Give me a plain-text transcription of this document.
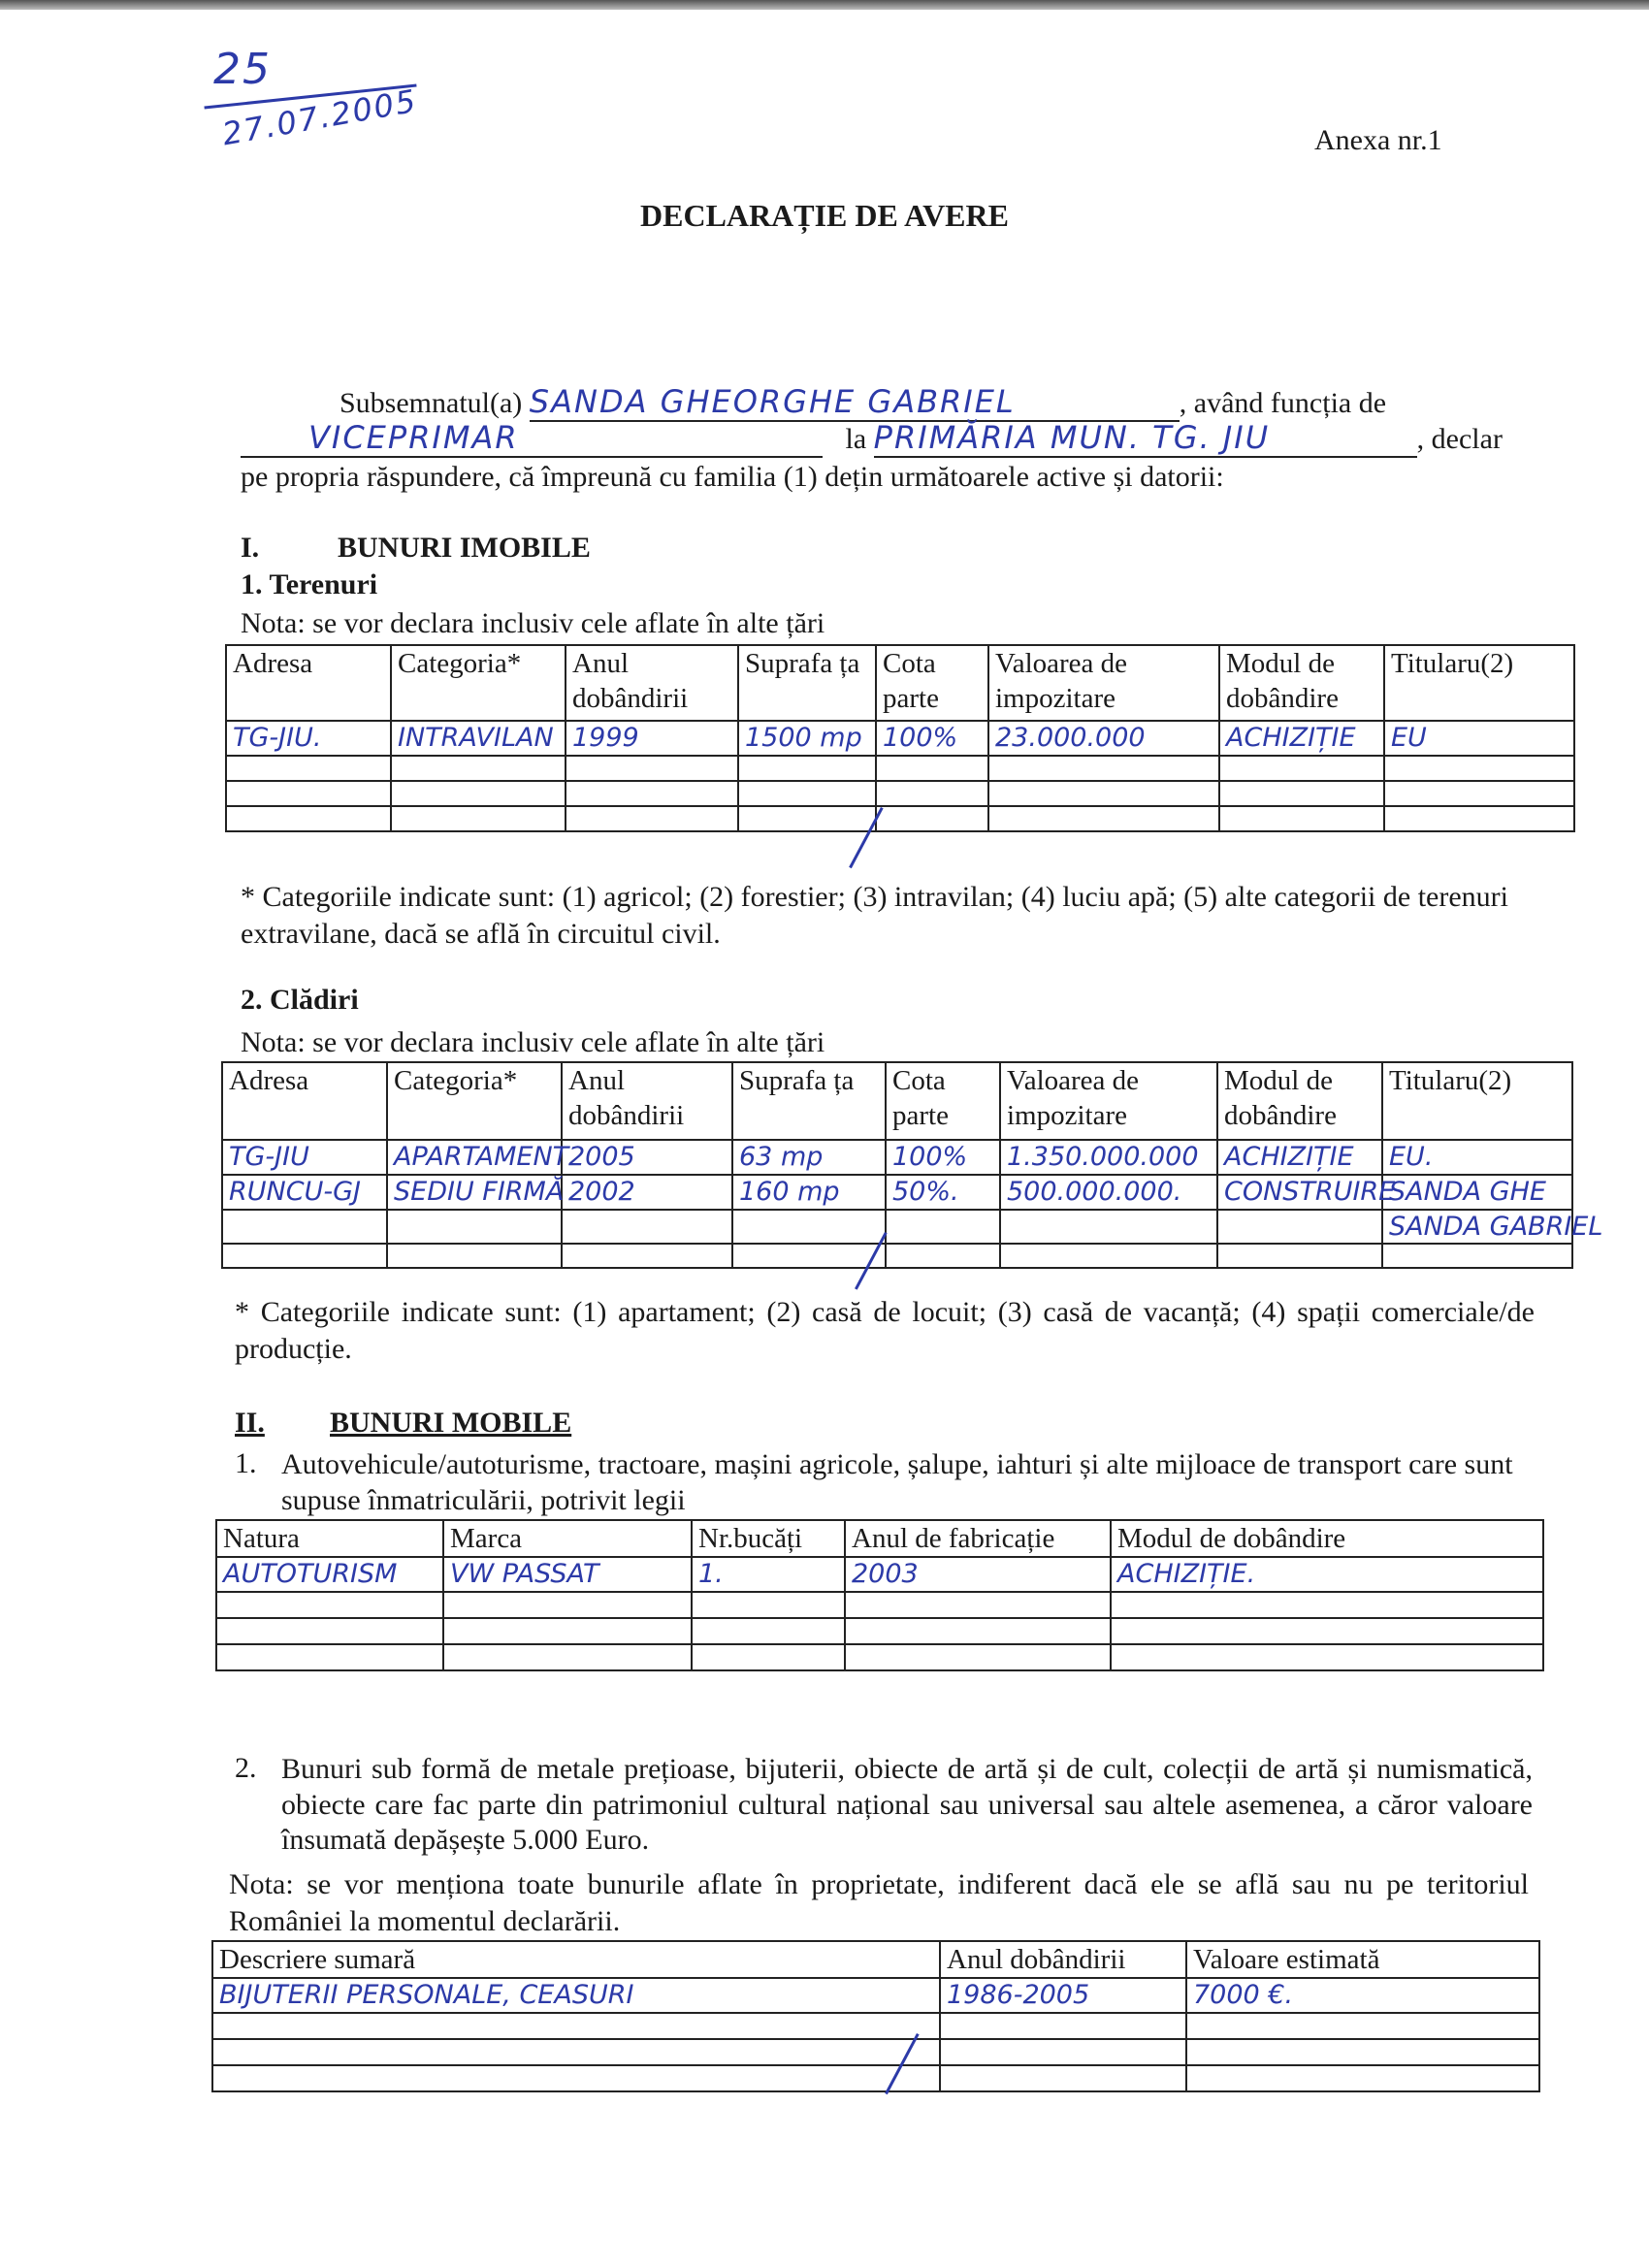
25
27.07.2005	Anexa nr.1
DECLARAȚIE DE AVERE
Subsemnatul(a) SANDA GHEORGHE GABRIEL	, având funcția de
VICEPRIMAR	la PRIMĂRIA MUN. TG. JIU	, declar
pe propria răspundere, că împreună cu familia (1) dețin următoarele active și datorii:
I.	BUNURI IMOBILE
1. Terenuri
Nota: se vor declara inclusiv cele aflate în alte țări
Adresa	Categoria*	Anul dobândirii	Suprafa ța	Cota parte	Valoarea de impozitare	Modul de dobândire	Titularu(2)
TG-JIU.	INTRAVILAN	1999	1500 mp	100%	23.000.000	ACHIZIȚIE	EU

* Categoriile indicate sunt: (1) agricol; (2) forestier; (3) intravilan; (4) luciu apă; (5) alte categorii de terenuri extravilane, dacă se află în circuitul civil.
2. Clădiri
Nota: se vor declara inclusiv cele aflate în alte țări
Adresa	Categoria*	Anul dobândirii	Suprafa ța	Cota parte	Valoarea de impozitare	Modul de dobândire	Titularu(2)
TG-JIU	APARTAMENT	2005	63 mp	100%	1.350.000.000	ACHIZIȚIE	EU.
RUNCU-GJ	SEDIU FIRMĂ	2002	160 mp	50%.	500.000.000.	CONSTRUIRE	SANDA GHE
							SANDA GABRIEL

* Categoriile indicate sunt: (1) apartament; (2) casă de locuit; (3) casă de vacanță; (4) spații comerciale/de producție.
II. BUNURI MOBILE
1. Autovehicule/autoturisme, tractoare, mașini agricole, șalupe, iahturi și alte mijloace de transport care sunt supuse înmatriculării, potrivit legii
Natura	Marca	Nr.bucăți	Anul de fabricație	Modul de dobândire
AUTOTURISM	VW PASSAT	1.	2003	ACHIZIȚIE.

2. Bunuri sub formă de metale prețioase, bijuterii, obiecte de artă și de cult, colecții de artă și numismatică, obiecte care fac parte din patrimoniul cultural național sau universal sau altele asemenea, a căror valoare însumată depășește 5.000 Euro.
Nota: se vor menționa toate bunurile aflate în proprietate, indiferent dacă ele se află sau nu pe teritoriul României la momentul declarării.
Descriere sumară	Anul dobândirii	Valoare estimată
BIJUTERII PERSONALE, CEASURI	1986-2005	7000 €.
